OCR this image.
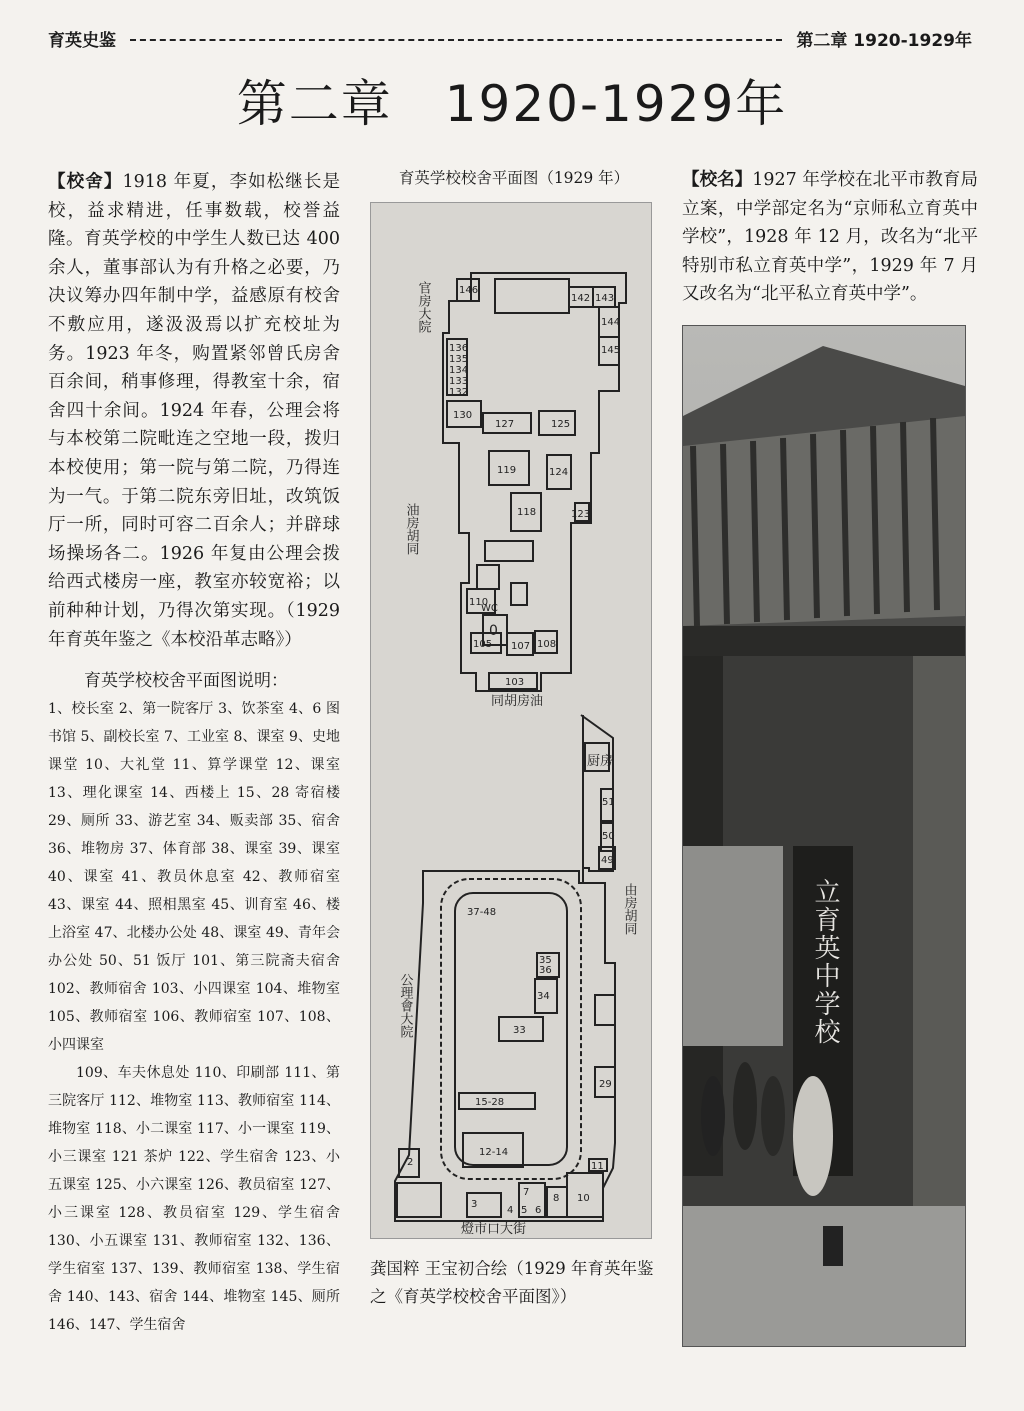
育英史鉴	第二章 1920-1929年
第二章　1920-1929年

【校舍】1918 年夏，李如松继长是校，益求精进，任事数载，校誉益隆。育英学校的中学生人数已达 400 余人，董事部认为有升格之必要，乃决议筹办四年制中学，益感原有校舍不敷应用，遂汲汲焉以扩充校址为务。1923 年冬，购置紧邻曾氏房舍百余间，稍事修理，得教室十余，宿舍四十余间。1924 年春，公理会将与本校第二院毗连之空地一段，拨归本校使用；第一院与第二院，乃得连为一气。于第二院东旁旧址，改筑饭厅一所，同时可容二百余人；并辟球场操场各二。1926 年复由公理会拨给西式楼房一座，教室亦较宽裕；以前种种计划，乃得次第实现。（1929 年育英年鉴之《本校沿革志略》）

育英学校校舍平面图说明：

1、校长室 2、第一院客厅 3、饮茶室 4、6 图书馆 5、副校长室 7、工业室 8、课室 9、史地课堂 10、大礼堂 11、算学课堂 12、课室 13、理化课室 14、西楼上 15、28 寄宿楼 29、厕所 33、游艺室 34、贩卖部 35、宿舍 36、堆物房 37、体育部 38、课室 39、课室 40、课室 41、教员休息室 42、教师宿室 43、课室 44、照相黑室 45、训育室 46、楼上浴室 47、北楼办公处 48、课室 49、青年会办公处 50、51 饭厅 101、第三院斋夫宿舍 102、教师宿舍 103、小四课室 104、堆物室 105、教师宿室 106、教师宿室 107、108、小四课室

109、车夫休息处 110、印刷部 111、第三院客厅 112、堆物室 113、教师宿室 114、堆物室 118、小二课室 117、小一课室 119、小三课室 121 茶炉 122、学生宿舍 123、小五课室 125、小六课室 126、教员宿室 127、小三课室 128、教员宿室 129、学生宿舍 130、小五课室 131、教师宿室 132、136、学生宿室 137、139、教师宿室 138、学生宿舍 140、143、宿舍 144、堆物室 145、厕所 146、147、学生宿舍

育英学校校舍平面图（1929 年）

146
142 143
144
145
136
135
134
133
132
130
127	125
119	124
118	123
110
WC
0
105 107 108
103
51
50
49
37-48
35
36
34
33
15-28
12-14
29
11
10
8
7
6
5
4
3
2
官房大院
油房胡同
同胡房油
厨房
由房胡同
公理會大院
燈市口大街

龚国粹 王宝初合绘（1929 年育英年鉴之《育英学校校舍平面图》）

【校名】1927 年学校在北平市教育局立案，中学部定名为“京师私立育英中学校”，1928 年 12 月，改名为“北平特别市私立育英中学”，1929 年 7 月又改名为“北平私立育英中学”。

立育英中学校
